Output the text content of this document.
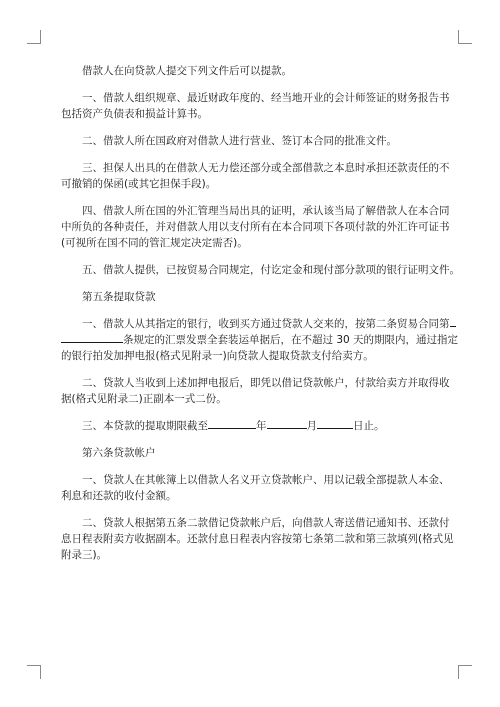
借款人在向贷款人提交下列文件后可以提款。

一、借款人组织规章、最近财政年度的、经当地开业的会计师签证的财务报告书
包括资产负债表和损益计算书。

二、借款人所在国政府对借款人进行营业、签订本合同的批准文件。

三、担保人出具的在借款人无力偿还部分或全部借款之本息时承担还款责任的不
可撤销的保函(或其它担保手段)。

四、借款人所在国的外汇管理当局出具的证明，承认该当局了解借款人在本合同
中所负的各种责任，并对借款人用以支付所有在本合同项下各项付款的外汇许可证书
(可视所在国不同的管汇规定决定需否)。

五、借款人提供，已按贸易合同规定，付讫定金和现付部分款项的银行证明文件。

第五条提取贷款

一、借款人从其指定的银行，收到买方通过贷款人交来的，按第二条贸易合同第
条规定的汇票发票全套装运单据后，在不超过 30 天的期限内，通过指定
的银行拍发加押电报(格式见附录一)向贷款人提取贷款支付给卖方。

二、贷款人当收到上述加押电报后，即凭以借记贷款帐户，付款给卖方并取得收
据(格式见附录二)正副本一式二份。

三、本贷款的提取期限截至	年	月	日止。

第六条贷款帐户

一、贷款人在其帐簿上以借款人名义开立贷款帐户、用以记载全部提款人本金、
利息和还款的收付金额。

二、贷款人根据第五条二款借记贷款帐户后，向借款人寄送借记通知书、还款付
息日程表附卖方收据副本。还款付息日程表内容按第七条第二款和第三款填列(格式见
附录三)。
